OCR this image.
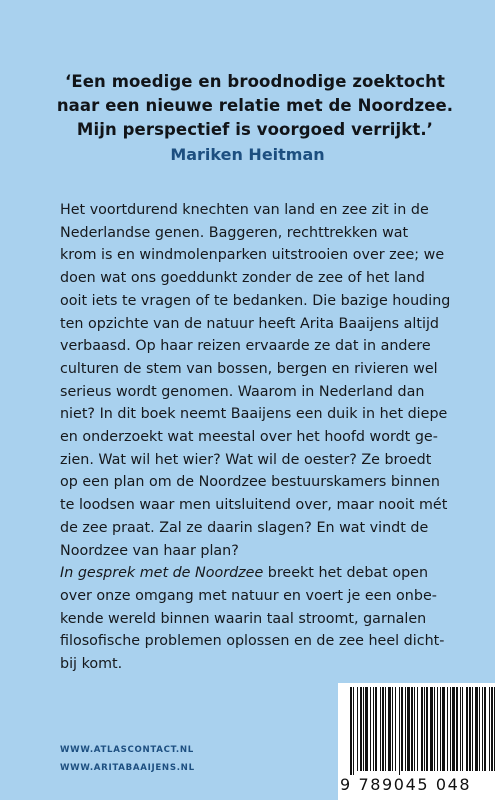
‘Een moedige en broodnodige zoektocht
naar een nieuwe relatie met de Noordzee.
Mijn perspectief is voorgoed verrijkt.’
Mariken Heitman
Het voortdurend knechten van land en zee zit in de
Nederlandse genen. Baggeren, rechttrekken wat
krom is en windmolenparken uitstrooien over zee; we
doen wat ons goeddunkt zonder de zee of het land
ooit iets te vragen of te bedanken. Die bazige houding
ten opzichte van de natuur heeft Arita Baaijens altijd
verbaasd. Op haar reizen ervaarde ze dat in andere
culturen de stem van bossen, bergen en rivieren wel
serieus wordt genomen. Waarom in Nederland dan
niet? In dit boek neemt Baaijens een duik in het diepe
en onderzoekt wat meestal over het hoofd wordt ge-
zien. Wat wil het wier? Wat wil de oester? Ze broedt
op een plan om de Noordzee bestuurskamers binnen
te loodsen waar men uitsluitend over, maar nooit mét
de zee praat. Zal ze daarin slagen? En wat vindt de
Noordzee van haar plan?
In gesprek met de Noordzee breekt het debat open
over onze omgang met natuur en voert je een onbe-
kende wereld binnen waarin taal stroomt, garnalen
filosofische problemen oplossen en de zee heel dicht-
bij komt.
WWW.ATLASCONTACT.NL
WWW.ARITABAAIJENS.NL
9 789045 048
